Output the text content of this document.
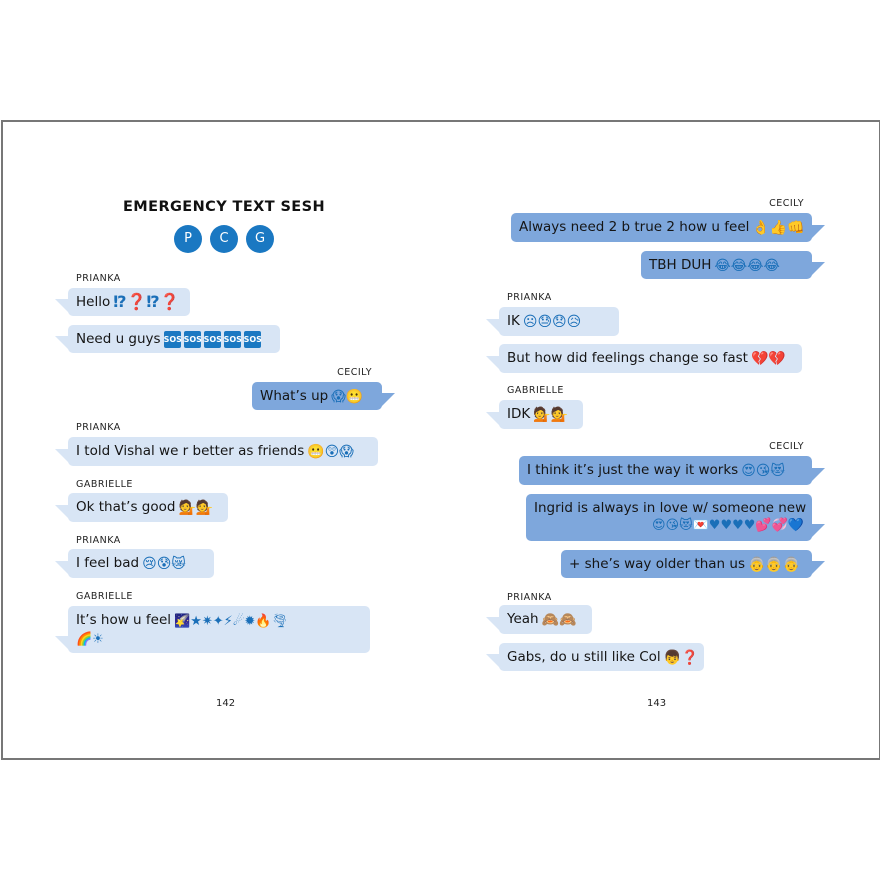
EMERGENCY TEXT SESH
P	C	G
PRIANKA
Hello ⁉❓⁉❓
Need u guys SOS SOS SOS SOS SOS
CECILY
What’s up 😱😬
PRIANKA
I told Vishal we r better as friends 😬😲😱
GABRIELLE
Ok that’s good 💁💁
PRIANKA
I feel bad 😢😰😿
GABRIELLE
It’s how u feel 🌠★✷✦⚡☄✹🔥🌪
🌈☀
142
CECILY
Always need 2 b true 2 how u feel 👌👍👊
TBH DUH 😂😂😂😂
PRIANKA
IK ☹😓😞😥
But how did feelings change so fast 💔💔
GABRIELLE
IDK 💁💁
CECILY
I think it’s just the way it works 😍😘😻
Ingrid is always in love w/ someone new
😍😘😻💌♥♥♥♥💕💞💙
+ she’s way older than us 👵👵👵
PRIANKA
Yeah 🙈🙈
Gabs, do u still like Col 👦❓
143
